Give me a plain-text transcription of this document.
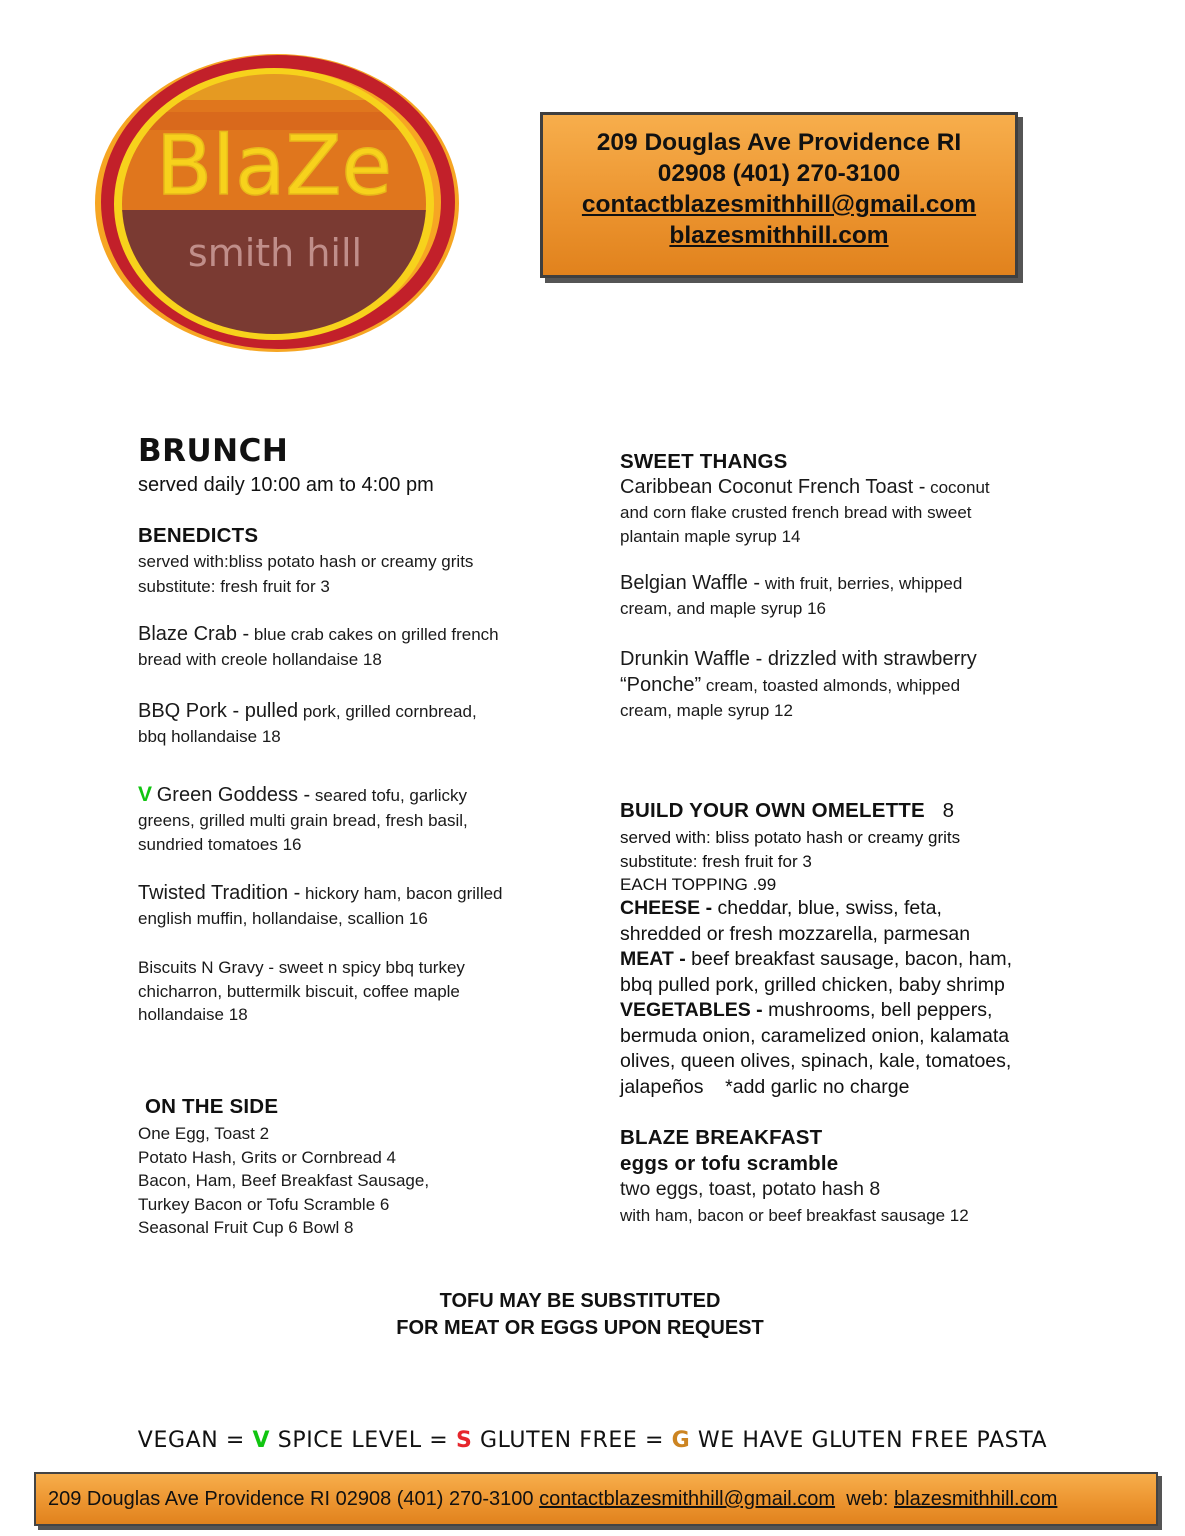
BlaZe
smith hill
209 Douglas Ave Providence RI
02908 (401) 270-3100
contactblazesmithhill@gmail.com
blazesmithhill.com
BRUNCH
served daily 10:00 am to 4:00 pm
BENEDICTS
served with:bliss potato hash or creamy grits
substitute: fresh fruit for 3
Blaze Crab - blue crab cakes on grilled french
bread with creole hollandaise 18
BBQ Pork - pulled pork, grilled cornbread,
bbq hollandaise 18
V Green Goddess - seared tofu, garlicky
greens, grilled multi grain bread, fresh basil,
sundried tomatoes 16
Twisted Tradition - hickory ham, bacon grilled
english muffin, hollandaise, scallion 16
Biscuits N Gravy - sweet n spicy bbq turkey
chicharron, buttermilk biscuit, coffee maple
hollandaise 18
ON THE SIDE
One Egg, Toast 2
Potato Hash, Grits or Cornbread 4
Bacon, Ham, Beef Breakfast Sausage,
Turkey Bacon or Tofu Scramble 6
Seasonal Fruit Cup 6 Bowl 8
SWEET THANGS
Caribbean Coconut French Toast - coconut
and corn flake crusted french bread with sweet
plantain maple syrup 14
Belgian Waffle - with fruit, berries, whipped
cream, and maple syrup 16
Drunkin Waffle - drizzled with strawberry
“Ponche” cream, toasted almonds, whipped
cream, maple syrup 12
BUILD YOUR OWN OMELETTE 8
served with: bliss potato hash or creamy grits
substitute: fresh fruit for 3
EACH TOPPING .99
CHEESE - cheddar, blue, swiss, feta,
shredded or fresh mozzarella, parmesan
MEAT - beef breakfast sausage, bacon, ham,
bbq pulled pork, grilled chicken, baby shrimp
VEGETABLES - mushrooms, bell peppers,
bermuda onion, caramelized onion, kalamata
olives, queen olives, spinach, kale, tomatoes,
jalapeños    *add garlic no charge
BLAZE BREAKFAST
eggs or tofu scramble
two eggs, toast, potato hash 8
with ham, bacon or beef breakfast sausage 12
TOFU MAY BE SUBSTITUTED
FOR MEAT OR EGGS UPON REQUEST
VEGAN = V SPICE LEVEL = S GLUTEN FREE = G WE HAVE GLUTEN FREE PASTA
209 Douglas Ave Providence RI 02908 (401) 270-3100 contactblazesmithhill@gmail.com web: blazesmithhill.com
